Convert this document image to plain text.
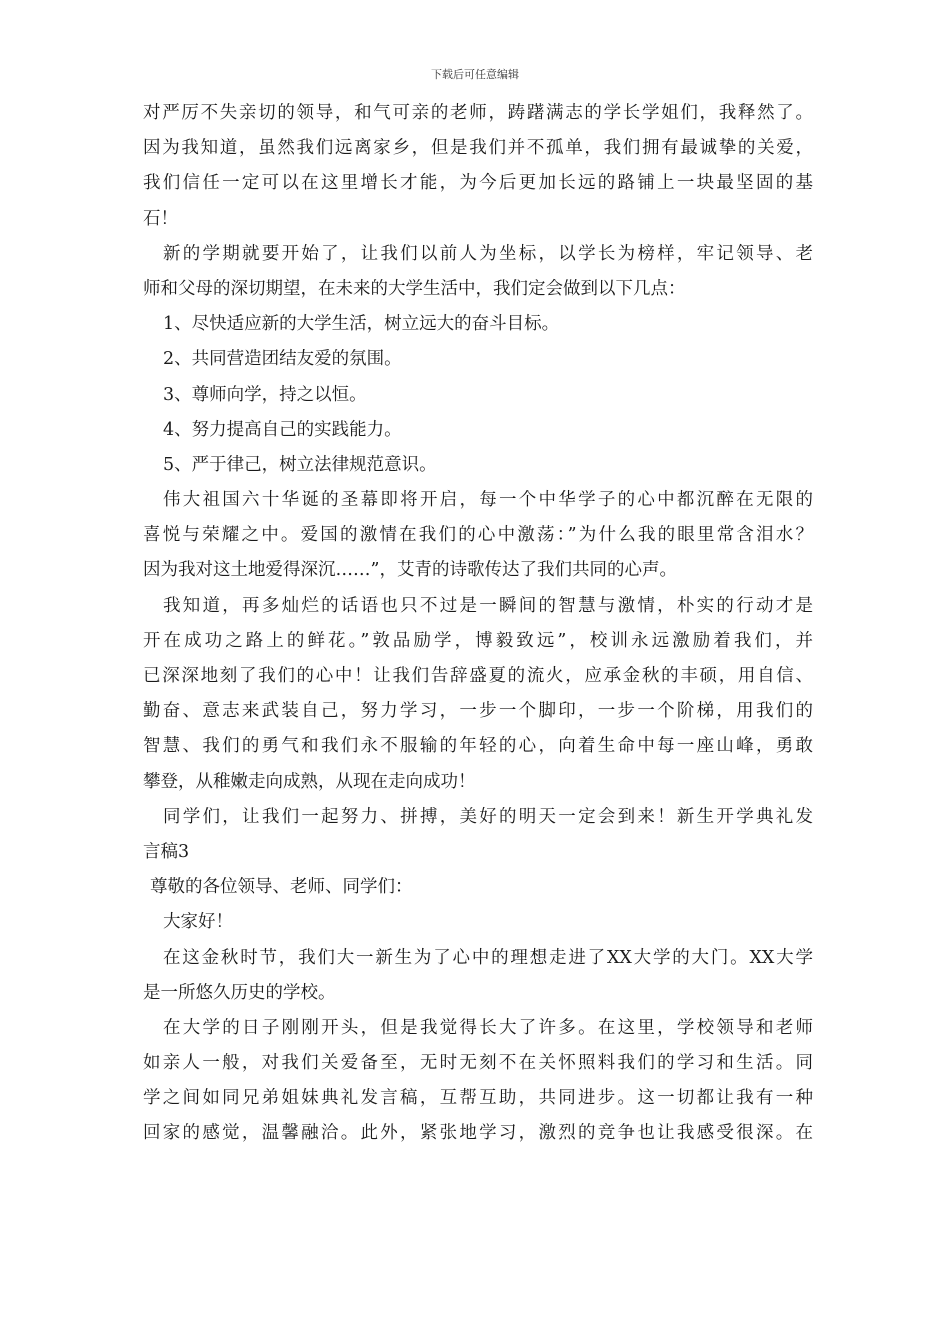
下载后可任意编辑
对严厉不失亲切的领导，和气可亲的老师，踌躇满志的学长学姐们，我释然了。
因为我知道，虽然我们远离家乡，但是我们并不孤单，我们拥有最诚挚的关爱，
我们信任一定可以在这里增长才能，为今后更加长远的路铺上一块最坚固的基
石！
新的学期就要开始了，让我们以前人为坐标，以学长为榜样，牢记领导、老
师和父母的深切期望，在未来的大学生活中，我们定会做到以下几点：
1、尽快适应新的大学生活，树立远大的奋斗目标。
2、共同营造团结友爱的氛围。
3、尊师向学，持之以恒。
4、努力提高自己的实践能力。
5、严于律己，树立法律规范意识。
伟大祖国六十华诞的圣幕即将开启，每一个中华学子的心中都沉醉在无限的
喜悦与荣耀之中。爱国的激情在我们的心中激荡：”为什么我的眼里常含泪水？
因为我对这土地爱得深沉……”，艾青的诗歌传达了我们共同的心声。
我知道，再多灿烂的话语也只不过是一瞬间的智慧与激情，朴实的行动才是
开在成功之路上的鲜花。”敦品励学，博毅致远”，校训永远激励着我们，并
已深深地刻了我们的心中！让我们告辞盛夏的流火，应承金秋的丰硕，用自信、
勤奋、意志来武装自己，努力学习，一步一个脚印，一步一个阶梯，用我们的
智慧、我们的勇气和我们永不服输的年轻的心，向着生命中每一座山峰，勇敢
攀登，从稚嫩走向成熟，从现在走向成功！
同学们，让我们一起努力、拼搏，美好的明天一定会到来！新生开学典礼发
言稿3
尊敬的各位领导、老师、同学们：
大家好！
在这金秋时节，我们大一新生为了心中的理想走进了XX大学的大门。XX大学
是一所悠久历史的学校。
在大学的日子刚刚开头，但是我觉得长大了许多。在这里，学校领导和老师
如亲人一般，对我们关爱备至，无时无刻不在关怀照料我们的学习和生活。同
学之间如同兄弟姐妹典礼发言稿，互帮互助，共同进步。这一切都让我有一种
回家的感觉，温馨融洽。此外，紧张地学习，激烈的竞争也让我感受很深。在
